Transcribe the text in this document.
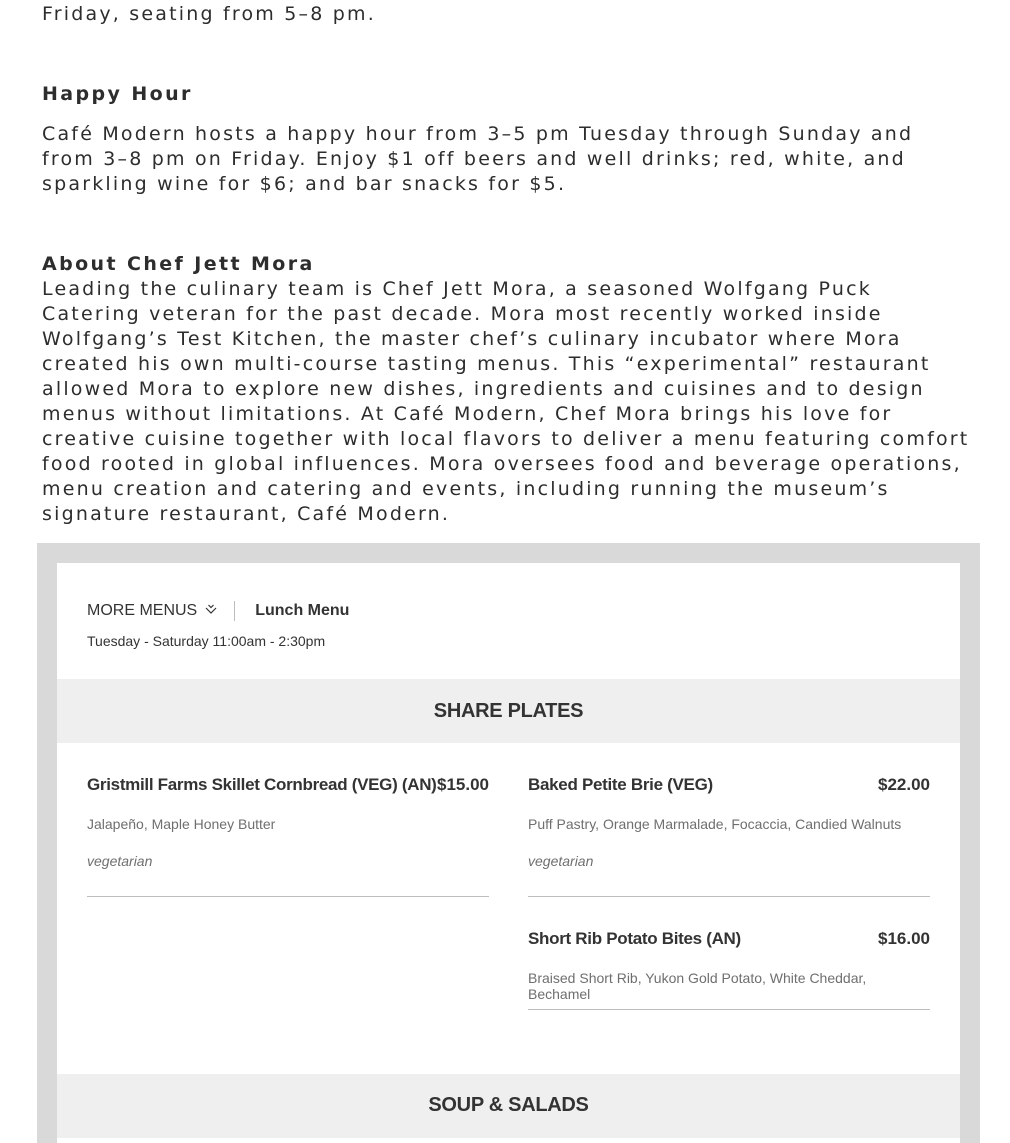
Friday, seating from 5–8 pm.

Happy Hour

Café Modern hosts a happy hour from 3–5 pm Tuesday through Sunday and from 3–8 pm on Friday. Enjoy $1 off beers and well drinks; red, white, and sparkling wine for $6; and bar snacks for $5.

About Chef Jett Mora

Leading the culinary team is Chef Jett Mora, a seasoned Wolfgang Puck Catering veteran for the past decade. Mora most recently worked inside Wolfgang’s Test Kitchen, the master chef’s culinary incubator where Mora created his own multi-course tasting menus. This “experimental” restaurant allowed Mora to explore new dishes, ingredients and cuisines and to design menus without limitations. At Café Modern, Chef Mora brings his love for creative cuisine together with local flavors to deliver a menu featuring comfort food rooted in global influences. Mora oversees food and beverage operations, menu creation and catering and events, including running the museum’s signature restaurant, Café Modern.

MORE MENUS	Lunch Menu
Tuesday - Saturday 11:00am - 2:30pm
SHARE PLATES
Gristmill Farms Skillet Cornbread (VEG) (AN) $15.00
Jalapeño, Maple Honey Butter
vegetarian
Baked Petite Brie (VEG)	$22.00
Puff Pastry, Orange Marmalade, Focaccia, Candied Walnuts
vegetarian
Short Rib Potato Bites (AN)	$16.00
Braised Short Rib, Yukon Gold Potato, White Cheddar, Bechamel
SOUP & SALADS
